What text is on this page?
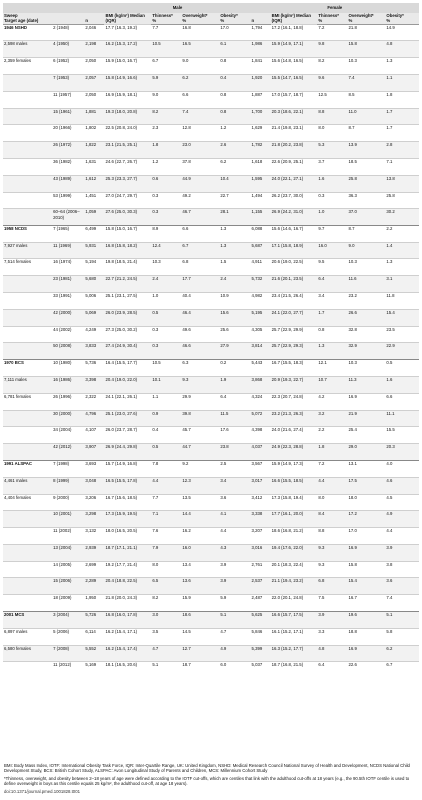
			Male				Female				
Sweep			BMI (kg/m²) Median (IQR)	Thinness*	Overweight*	Obesity*		BMI (kg/m²) Median (IQR)	Thinness*	Overweight*	Obesity*
Target age (date)		n		%	%	%	n		%	%	%
1946 NSHD	2 (1948)	2,046	17.7 (16.3, 19.2)	7.7	16.8	17.0	1,794	17.2 (16.1, 18.8)	7.2	21.8	14.9
2,598 males	4 (1950)	2,198	16.2 (15.3, 17.2)	10.5	16.5	6.1	1,986	15.9 (14.9, 17.1)	9.8	15.8	4.8
2,359 females	6 (1952)	2,050	15.9 (15.0, 16.7)	6.7	9.0	0.8	1,841	15.6 (14.8, 16.5)	8.2	10.3	1.3
	7 (1953)	2,057	15.8 (14.9, 16.6)	5.9	6.2	0.4	1,920	15.5 (14.7, 16.5)	9.6	7.4	1.1
	11 (1957)	2,050	16.9 (15.9, 18.1)	9.0	6.6	0.8	1,887	17.0 (15.7, 18.7)	12.5	8.5	1.8
	15 (1961)	1,881	19.3 (18.0, 20.8)	8.2	7.4	0.8	1,700	20.3 (18.6, 22.1)	8.8	11.0	1.7
	20 (1966)	1,802	22.5 (20.8, 24.0)	2.3	12.8	1.2	1,629	21.4 (19.8, 23.1)	8.0	8.7	1.7
	26 (1972)	1,822	23.1 (21.5, 25.1)	1.8	23.0	2.6	1,782	21.8 (20.2, 23.8)	5.3	13.9	2.8
	36 (1982)	1,631	24.6 (22.7, 26.7)	1.2	37.8	6.2	1,618	22.6 (20.9, 25.1)	3.7	18.5	7.1
	43 (1989)	1,612	25.3 (23.3, 27.7)	0.6	44.9	10.4	1,595	24.0 (22.1, 27.1)	1.6	25.8	13.8
	53 (1999)	1,451	27.0 (24.7, 29.7)	0.3	49.2	22.7	1,494	26.2 (23.7, 30.0)	0.3	36.3	25.8
	60–64 (2006–2010)	1,059	27.6 (25.0, 30.3)	0.3	46.7	28.1	1,155	26.9 (24.2, 31.0)	1.0	37.0	30.2
1958 NCDS	7 (1965)	6,499	15.8 (15.0, 16.7)	8.9	6.6	1.3	6,088	15.6 (14.6, 16.7)	9.7	8.7	2.2
7,927 males	11 (1969)	5,931	16.8 (15.8, 18.2)	12.4	6.7	1.3	5,687	17.1 (15.8, 18.9)	16.0	9.0	1.4
7,514 females	16 (1974)	5,194	19.8 (18.5, 21.4)	10.3	6.8	1.5	4,911	20.6 (19.0, 22.5)	9.5	10.3	1.3
	23 (1981)	5,680	22.7 (21.2, 24.5)	2.4	17.7	2.4	5,732	21.6 (20.1, 23.5)	6.4	11.6	3.1
	33 (1991)	5,006	25.1 (23.1, 27.5)	1.0	40.4	10.9	4,982	23.4 (21.5, 26.4)	3.4	23.2	11.8
	42 (2000)	5,069	26.0 (23.9, 28.5)	0.5	46.4	15.6	5,195	24.1 (22.0, 27.7)	1.7	26.6	15.4
	44 (2002)	4,249	27.3 (25.0, 30.2)	0.3	49.6	25.6	4,305	25.7 (22.9, 29.9)	0.8	32.8	23.5
	50 (2008)	3,833	27.4 (24.9, 30.4)	0.3	46.6	27.9	3,814	25.7 (22.9, 29.3)	1.3	32.9	22.9
1970 BCS	10 (1980)	5,736	16.4 (15.5, 17.7)	10.5	6.3	0.2	5,443	16.7 (15.5, 18.3)	12.1	10.3	0.5
7,111 males	16 (1986)	3,398	20.4 (19.0, 22.0)	10.1	9.3	1.9	3,868	20.9 (19.3, 22.7)	10.7	11.3	1.6
6,781 females	26 (1996)	2,322	24.1 (22.1, 26.1)	1.1	29.9	6.4	4,324	22.3 (20.7, 24.8)	4.2	16.9	6.6
	30 (2000)	4,796	25.1 (23.0, 27.6)	0.9	39.8	11.5	5,072	23.2 (21.3, 26.3)	3.2	21.9	11.1
	34 (2004)	4,107	26.0 (23.7, 28.7)	0.4	45.7	17.6	4,398	24.0 (21.6, 27.4)	2.2	25.4	15.5
	42 (2012)	3,907	26.9 (24.4, 29.8)	0.5	44.7	23.8	4,037	24.9 (22.3, 28.8)	1.8	29.0	20.3
1991 ALSPAC	7 (1998)	3,693	15.7 (14.9, 16.8)	7.8	9.2	2.5	3,567	15.9 (14.9, 17.3)	7.2	13.1	4.0
4,461 males	8 (1999)	3,048	16.5 (15.5, 17.8)	4.4	12.3	3.4	3,017	16.6 (15.5, 18.5)	4.4	17.5	4.6
4,404 females	9 (2000)	3,206	16.7 (15.6, 18.5)	7.7	13.5	3.6	3,412	17.3 (15.8, 19.4)	8.0	18.0	4.5
	10 (2001)	3,298	17.3 (15.9, 19.5)	7.1	14.4	4.1	3,338	17.7 (16.1, 20.0)	8.4	17.2	4.9
	11 (2002)	3,132	18.0 (16.5, 20.5)	7.6	16.2	4.4	3,207	18.6 (16.8, 21.2)	8.8	17.0	4.4
	13 (2004)	2,939	18.7 (17.1, 21.1)	7.9	16.0	4.3	3,016	19.4 (17.6, 22.0)	9.3	16.9	3.9
	14 (2005)	2,699	19.2 (17.7, 21.4)	8.0	13.4	3.9	2,761	20.1 (18.3, 22.4)	9.3	15.8	3.8
	15 (2006)	2,289	20.4 (18.8, 22.5)	6.5	13.6	3.9	2,537	21.1 (19.4, 23.2)	6.8	15.4	3.6
	18 (2009)	1,950	21.8 (20.0, 24.3)	8.2	15.9	5.9	2,487	22.0 (20.1, 24.8)	7.5	16.7	7.4
2001 MCS	3 (2004)	5,726	16.8 (16.0, 17.8)	3.0	18.6	5.1	5,625	16.6 (15.7, 17.5)	3.9	19.6	5.1
6,897 males	5 (2006)	6,114	16.2 (15.4, 17.1)	3.5	14.5	4.7	5,846	16.1 (15.2, 17.1)	3.3	18.8	5.8
6,580 females	7 (2008)	5,552	16.2 (15.4, 17.4)	4.7	12.7	4.9	5,399	16.3 (15.2, 17.7)	4.8	16.9	6.2
	11 (2012)	5,169	18.1 (16.5, 20.6)	5.1	18.7	6.0	5,037	18.7 (16.8, 21.5)	6.4	22.6	6.7

BMI: Body Mass Index, IOTF: International Obesity Task Force, IQR: Inter-Quartile Range, UK: United Kingdom, NSHD: Medical Research Council National Survey of Health and Development, NCDS National Child Development Study, BCS: British Cohort Study, ALSPAC: Avon Longitudinal Study of Parents and Children, MCS: Millennium Cohort Study

*Thinness, overweight, and obesity between 2–18 years of age were defined according to the IOTF cut-offs, which are centiles that link with the adulthood cut-offs at 18 years (e.g., the 90.5th IOTF centile is used to define overweight in boys as this centile equals 25 kg/m², the adulthood cut-off, at age 18 years).

doi:10.1371/journal.pmed.1001828.t001
